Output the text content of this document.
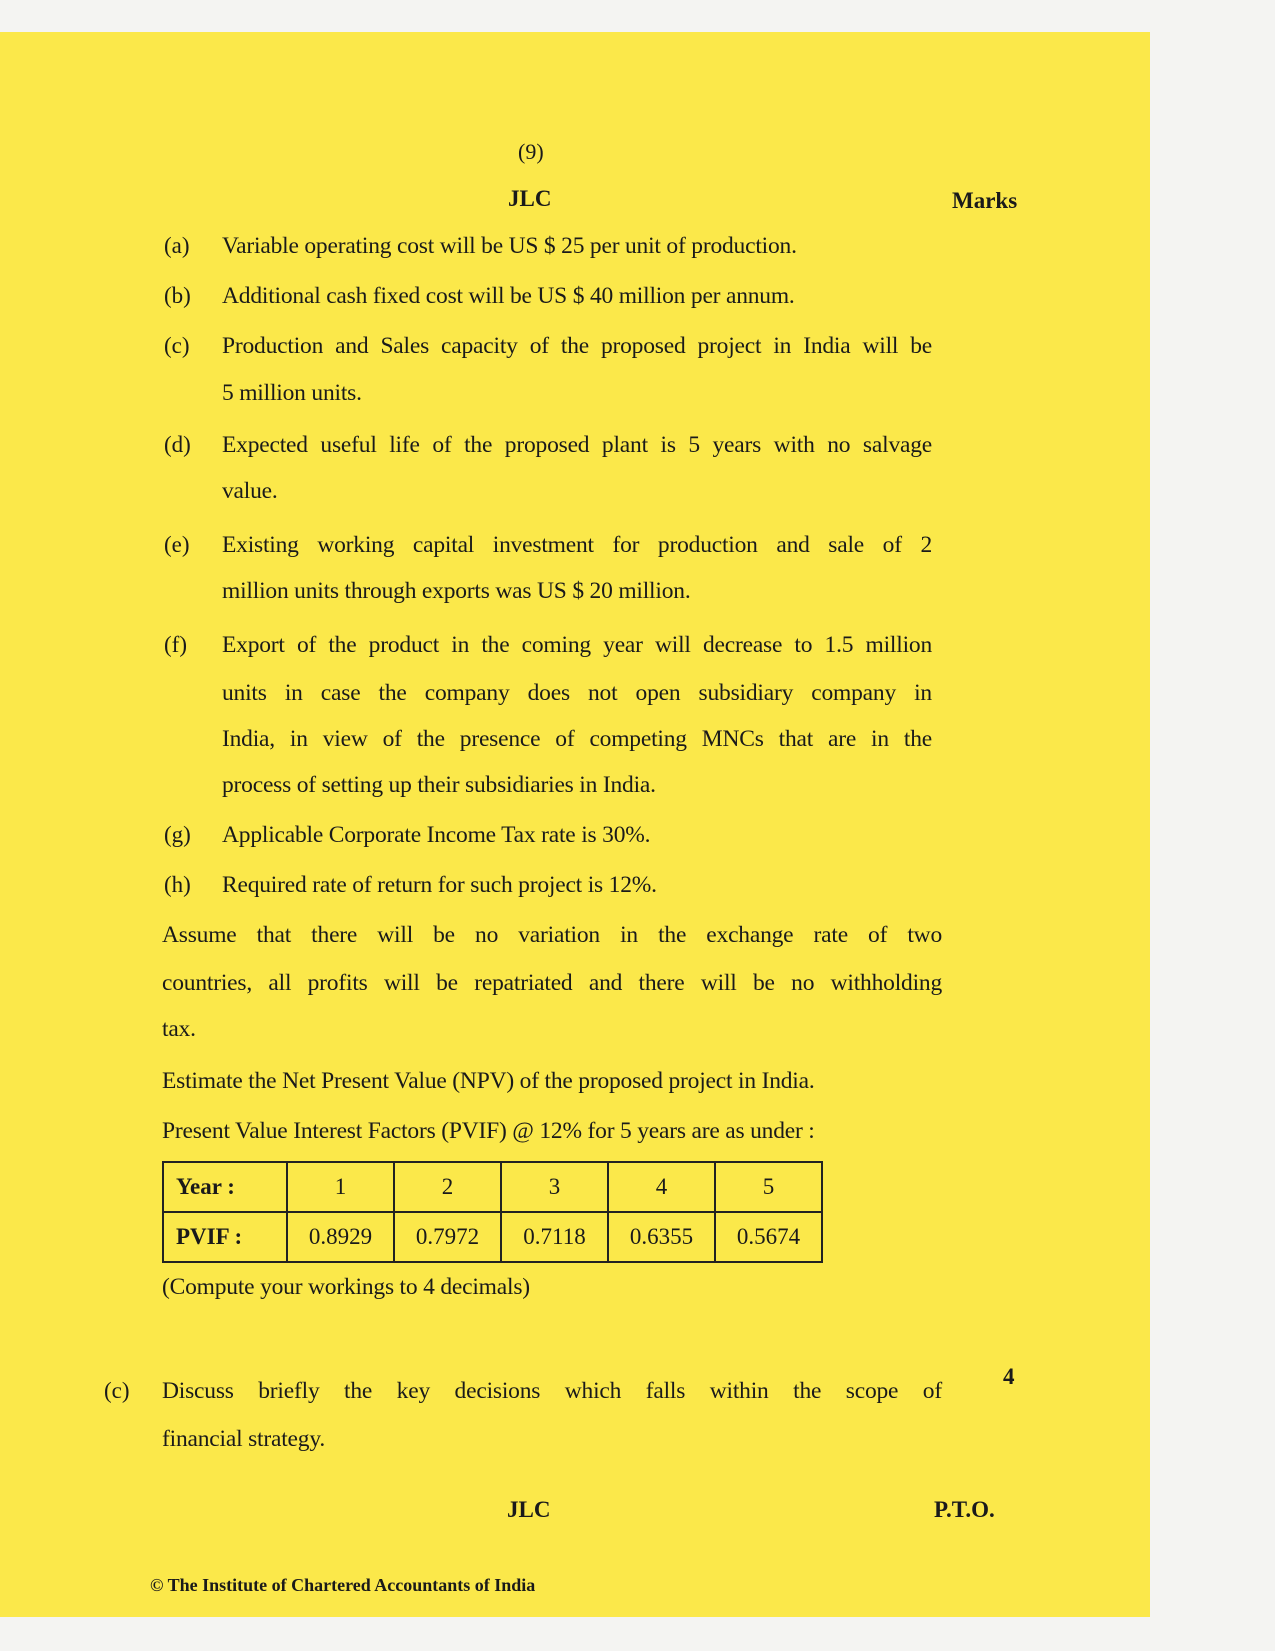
(9)
JLC	Marks
(a) Variable operating cost will be US $ 25 per unit of production.
(b) Additional cash fixed cost will be US $ 40 million per annum.
(c) Production and Sales capacity of the proposed project in India will be
5 million units.
(d) Expected useful life of the proposed plant is 5 years with no salvage
value.
(e) Existing working capital investment for production and sale of 2
million units through exports was US $ 20 million.
(f) Export of the product in the coming year will decrease to 1.5 million
units in case the company does not open subsidiary company in
India, in view of the presence of competing MNCs that are in the
process of setting up their subsidiaries in India.
(g) Applicable Corporate Income Tax rate is 30%.
(h) Required rate of return for such project is 12%.
Assume that there will be no variation in the exchange rate of two
countries, all profits will be repatriated and there will be no withholding
tax.
Estimate the Net Present Value (NPV) of the proposed project in India.
Present Value Interest Factors (PVIF) @ 12% for 5 years are as under :
Year :	1	2	3	4	5
PVIF :	0.8929	0.7972	0.7118	0.6355	0.5674
(Compute your workings to 4 decimals)
(c) Discuss briefly the key decisions which falls within the scope of
financial strategy.
4
JLC	P.T.O.
© The Institute of Chartered Accountants of India
